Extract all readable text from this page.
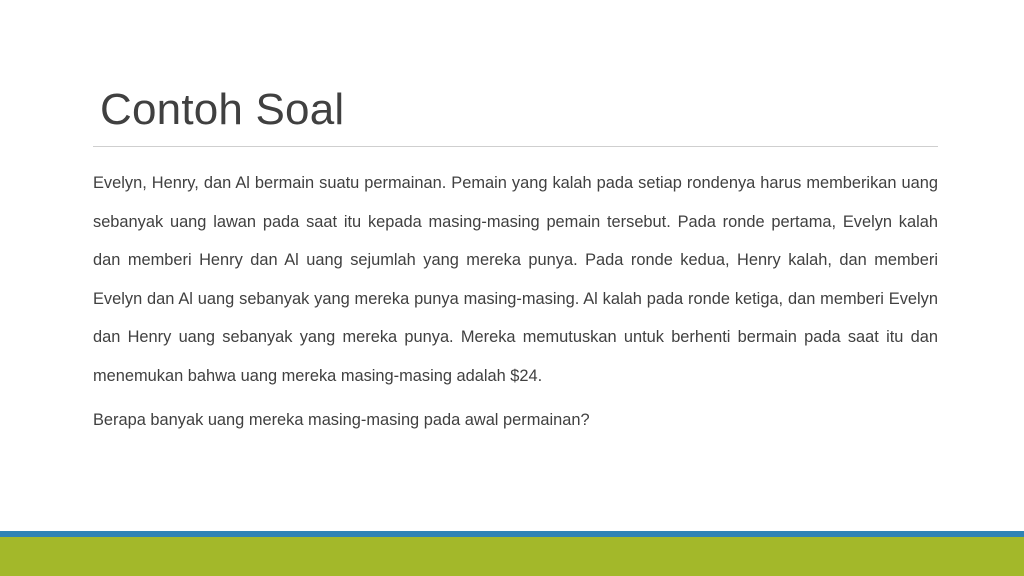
Contoh Soal

Evelyn, Henry, dan Al bermain suatu permainan. Pemain yang kalah pada setiap rondenya harus memberikan uang sebanyak uang lawan pada saat itu kepada masing-masing pemain tersebut. Pada ronde pertama, Evelyn kalah dan memberi Henry dan Al uang sejumlah yang mereka punya. Pada ronde kedua, Henry kalah, dan memberi Evelyn dan Al uang sebanyak yang mereka punya masing-masing. Al kalah pada ronde ketiga, dan memberi Evelyn dan Henry uang sebanyak yang mereka punya. Mereka memutuskan untuk berhenti bermain pada saat itu dan menemukan bahwa uang mereka masing-masing adalah $24.

Berapa banyak uang mereka masing-masing pada awal permainan?
